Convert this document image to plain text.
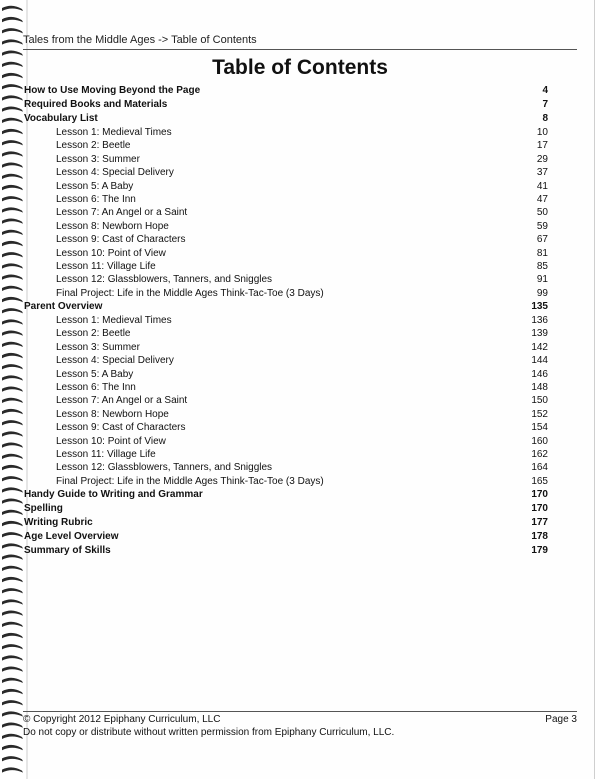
Tales from the Middle Ages -> Table of Contents
Table of Contents
How to Use Moving Beyond the Page	4
Required Books and Materials	7
Vocabulary List	8
Lesson 1: Medieval Times	10
Lesson 2: Beetle	17
Lesson 3: Summer	29
Lesson 4: Special Delivery	37
Lesson 5: A Baby	41
Lesson 6: The Inn	47
Lesson 7: An Angel or a Saint	50
Lesson 8: Newborn Hope	59
Lesson 9: Cast of Characters	67
Lesson 10: Point of View	81
Lesson 11: Village Life	85
Lesson 12: Glassblowers, Tanners, and Sniggles	91
Final Project: Life in the Middle Ages Think-Tac-Toe (3 Days)	99
Parent Overview	135
Lesson 1: Medieval Times	136
Lesson 2: Beetle	139
Lesson 3: Summer	142
Lesson 4: Special Delivery	144
Lesson 5: A Baby	146
Lesson 6: The Inn	148
Lesson 7: An Angel or a Saint	150
Lesson 8: Newborn Hope	152
Lesson 9: Cast of Characters	154
Lesson 10: Point of View	160
Lesson 11: Village Life	162
Lesson 12: Glassblowers, Tanners, and Sniggles	164
Final Project: Life in the Middle Ages Think-Tac-Toe (3 Days)	165
Handy Guide to Writing and Grammar	170
Spelling	170
Writing Rubric	177
Age Level Overview	178
Summary of Skills	179
© Copyright 2012 Epiphany Curriculum, LLC
Do not copy or distribute without written permission from Epiphany Curriculum, LLC.
Page 3
